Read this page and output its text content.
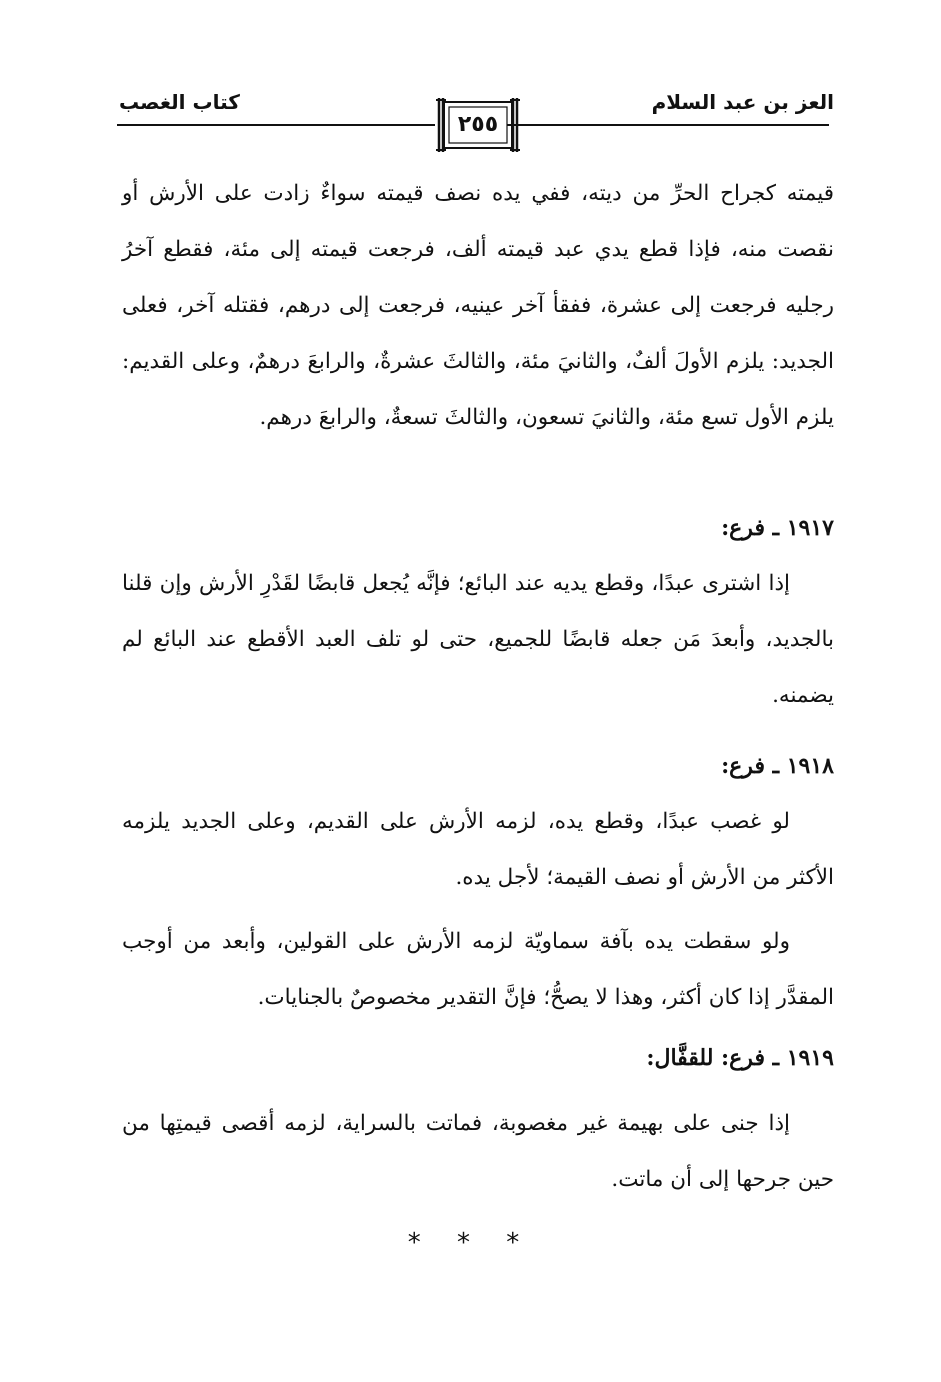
العز بن عبد السلام
كتاب الغصب
٢٥٥
قيمته كجراح الحرِّ من ديته، ففي يده نصف قيمته سواءٌ زادت على الأرش أو نقصت منه، فإذا قطع يدي عبد قيمته ألف، فرجعت قيمته إلى مئة، فقطع آخرُ رجليه فرجعت إلى عشرة، ففقأ آخر عينيه، فرجعت إلى درهم، فقتله آخر، فعلى الجديد: يلزم الأولَ ألفٌ، والثانيَ مئة، والثالثَ عشرةٌ، والرابعَ درهمٌ، وعلى القديم: يلزم الأول تسع مئة، والثانيَ تسعون، والثالثَ تسعةٌ، والرابعَ درهم.
١٩١٧ ـ فرع:
إذا اشترى عبدًا، وقطع يديه عند البائع؛ فإنَّه يُجعل قابضًا لقَدْرِ الأرش وإن قلنا بالجديد، وأبعدَ مَن جعله قابضًا للجميع، حتى لو تلف العبد الأقطع عند البائع لم يضمنه.
١٩١٨ ـ فرع:
لو غصب عبدًا، وقطع يده، لزمه الأرش على القديم، وعلى الجديد يلزمه الأكثر من الأرش أو نصف القيمة؛ لأجل يده.
ولو سقطت يده بآفة سماويّة لزمه الأرش على القولين، وأبعد من أوجب المقدَّر إذا كان أكثر، وهذا لا يصحُّ؛ فإنَّ التقدير مخصوصٌ بالجنايات.
١٩١٩ ـ فرع: للقفَّال:
إذا جنى على بهيمة غير مغصوبة، فماتت بالسراية، لزمه أقصى قيمتِها من حين جرحها إلى أن ماتت.
* * *
